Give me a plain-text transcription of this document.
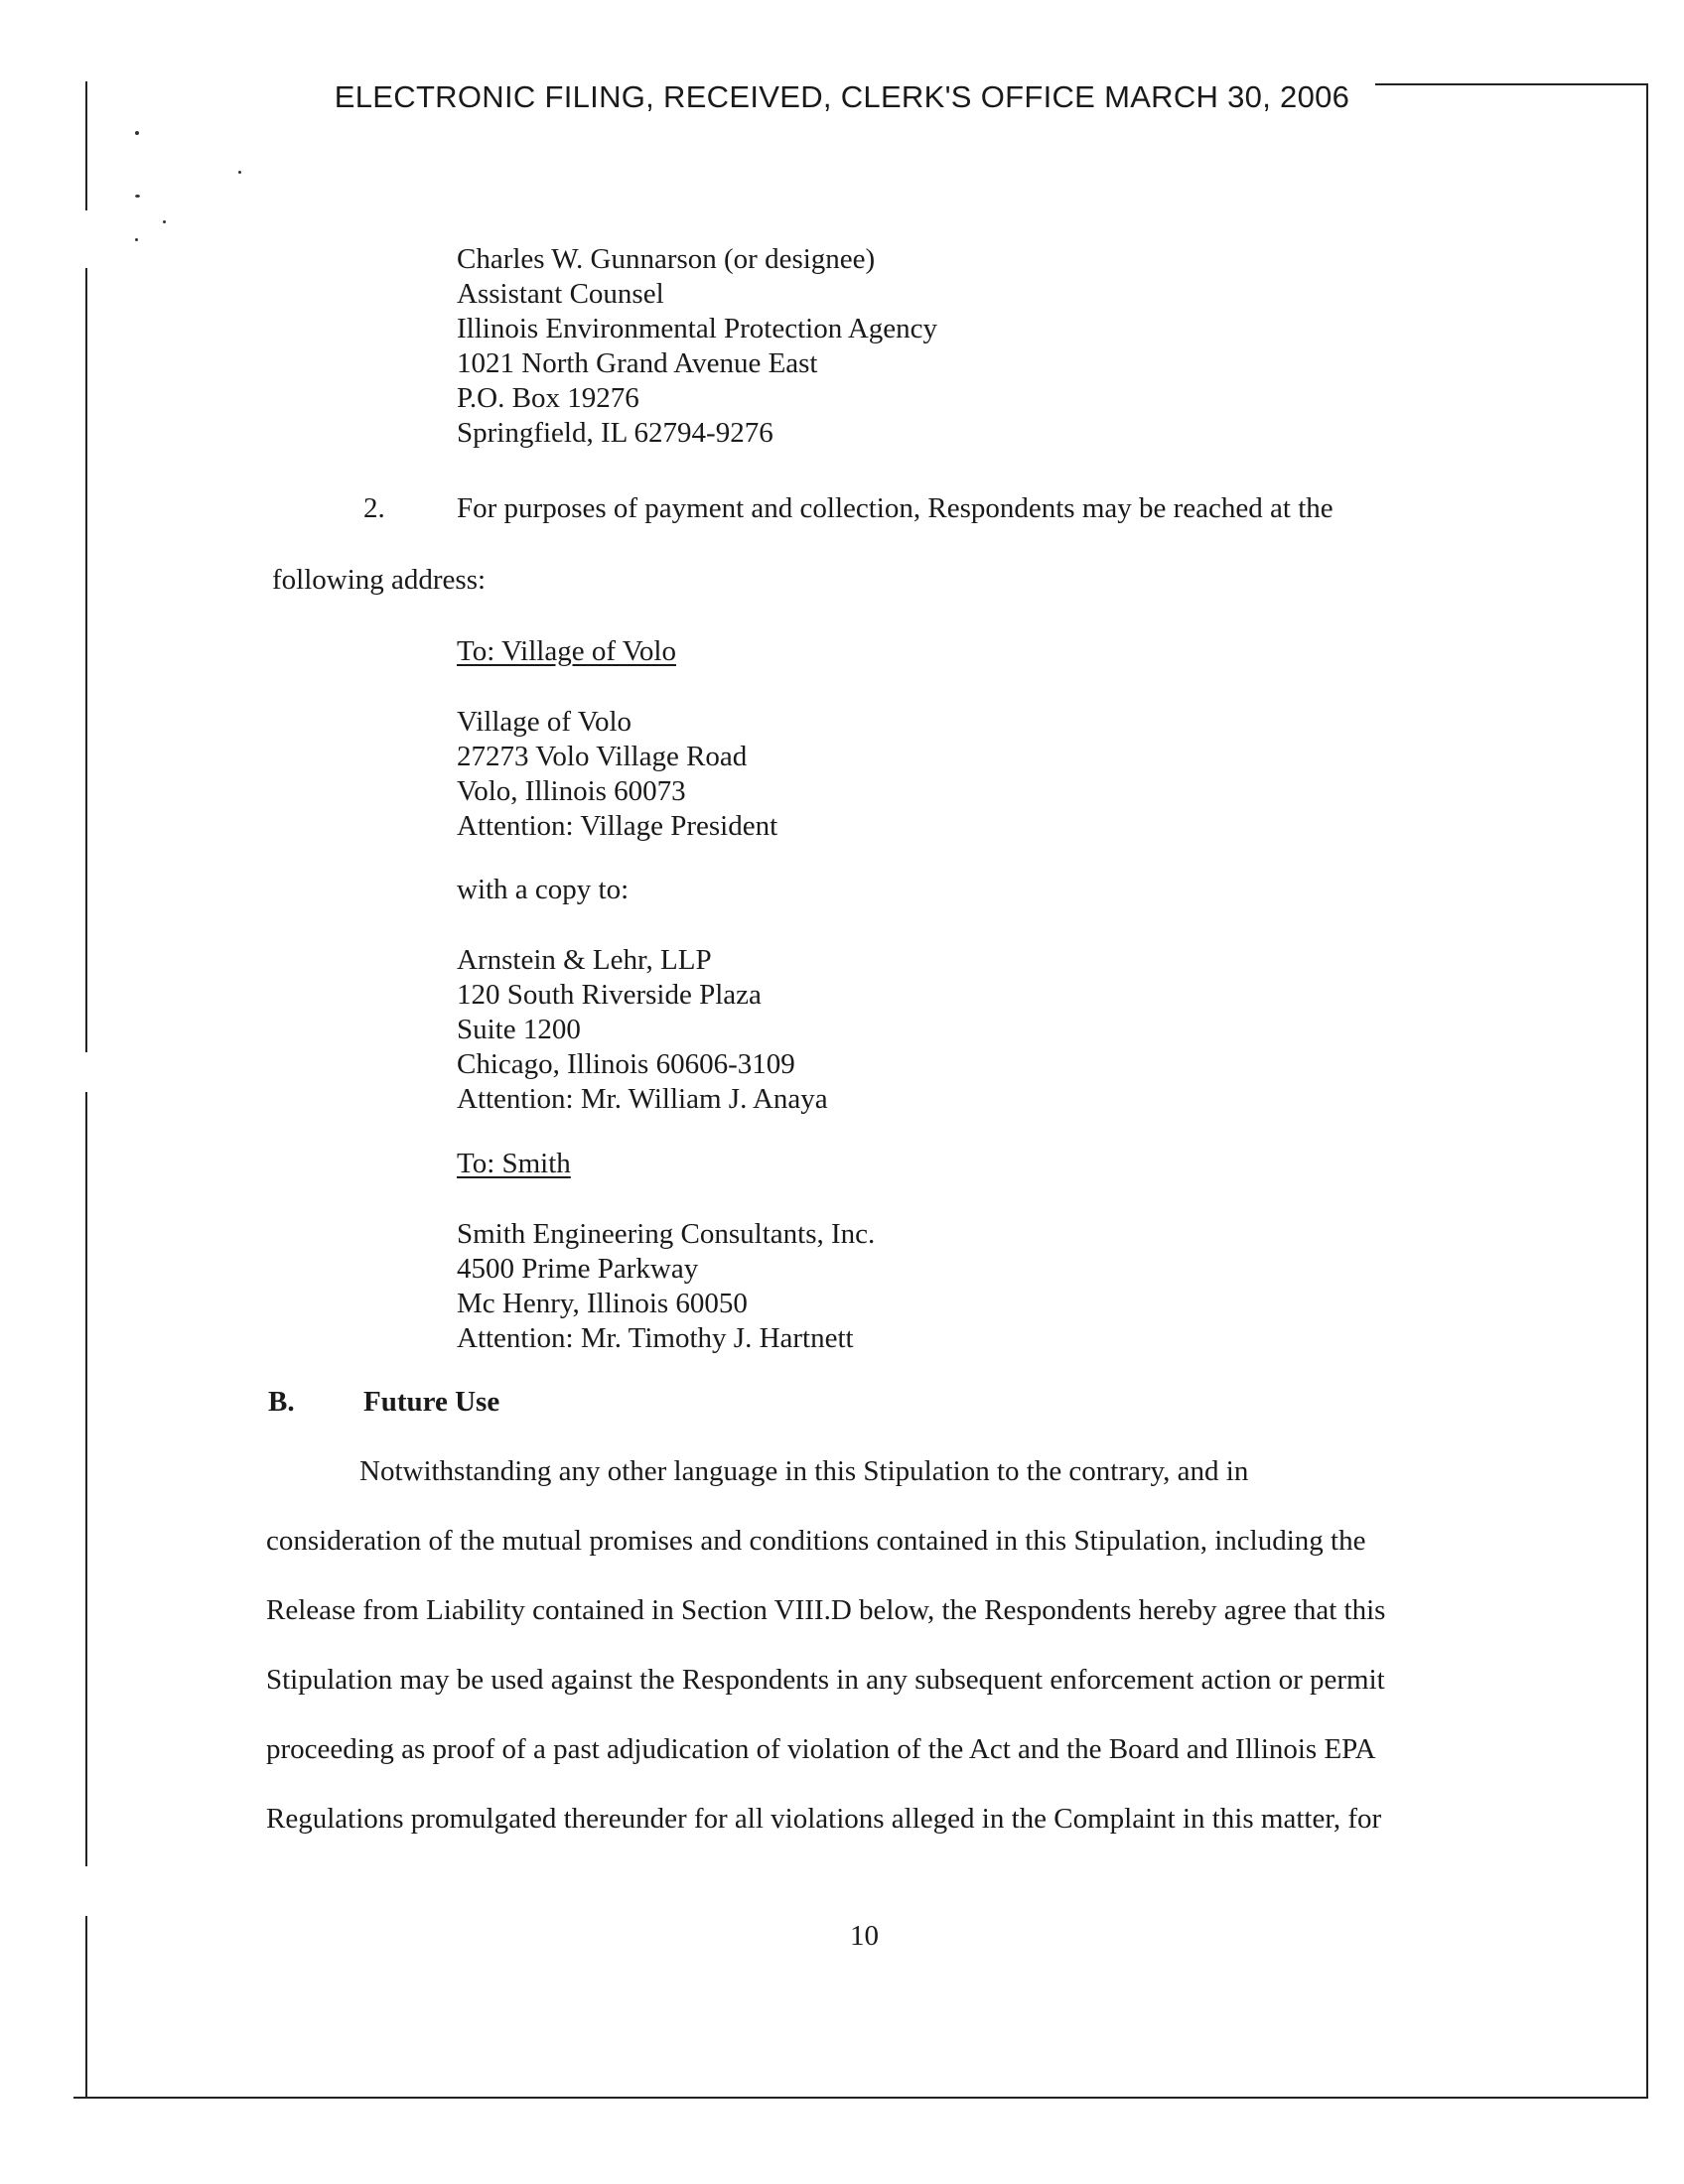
ELECTRONIC FILING, RECEIVED, CLERK'S OFFICE MARCH 30, 2006
Charles W. Gunnarson (or designee)
Assistant Counsel
Illinois Environmental Protection Agency
1021 North Grand Avenue East
P.O. Box 19276
Springfield, IL 62794-9276
2. For purposes of payment and collection, Respondents may be reached at the
following address:
To: Village of Volo
Village of Volo
27273 Volo Village Road
Volo, Illinois 60073
Attention: Village President
with a copy to:
Arnstein & Lehr, LLP
120 South Riverside Plaza
Suite 1200
Chicago, Illinois 60606-3109
Attention: Mr. William J. Anaya
To: Smith
Smith Engineering Consultants, Inc.
4500 Prime Parkway
Mc Henry, Illinois 60050
Attention: Mr. Timothy J. Hartnett
B. Future Use
Notwithstanding any other language in this Stipulation to the contrary, and in
consideration of the mutual promises and conditions contained in this Stipulation, including the
Release from Liability contained in Section VIII.D below, the Respondents hereby agree that this
Stipulation may be used against the Respondents in any subsequent enforcement action or permit
proceeding as proof of a past adjudication of violation of the Act and the Board and Illinois EPA
Regulations promulgated thereunder for all violations alleged in the Complaint in this matter, for
10
